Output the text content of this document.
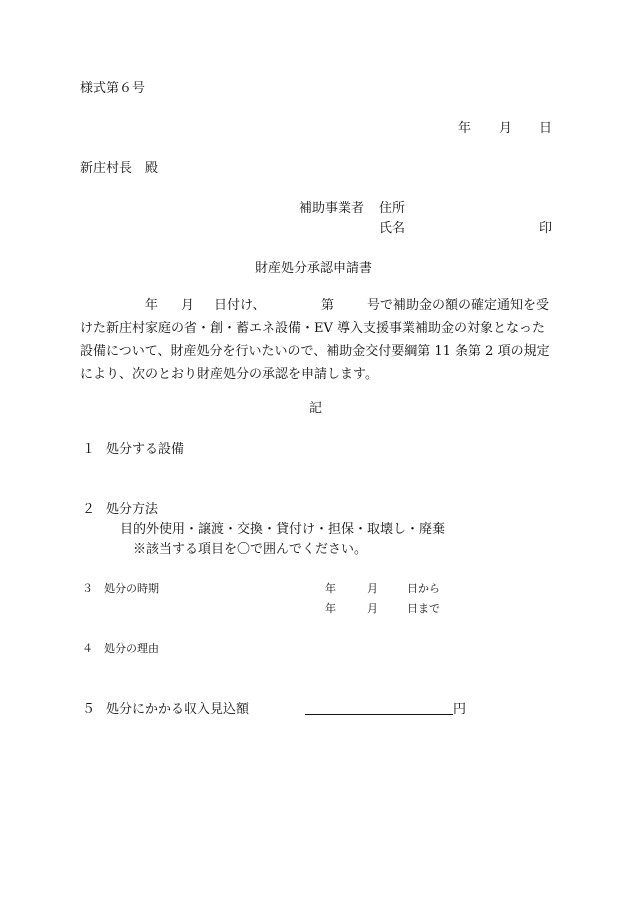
様式第６号
年 月 日
新庄村長　殿
補助事業者 住所
氏名	印
財産処分承認申請書
年 月 日付け、	第	号で補助金の額の確定通知を受
けた新庄村家庭の省・創・蓄エネ設備・EV 導入支援事業補助金の対象となった
設備について、財産処分を行いたいので、補助金交付要綱第 11 条第 2 項の規定
により、次のとおり財産処分の承認を申請します。
記
１ 処分する設備
２ 処分方法
目的外使用・譲渡・交換・貸付け・担保・取壊し・廃棄
※該当する項目を〇で囲んでください。
３ 処分の時期	年	月	日から
年	月	日まで
４ 処分の理由
５ 処分にかかる収入見込額	円
